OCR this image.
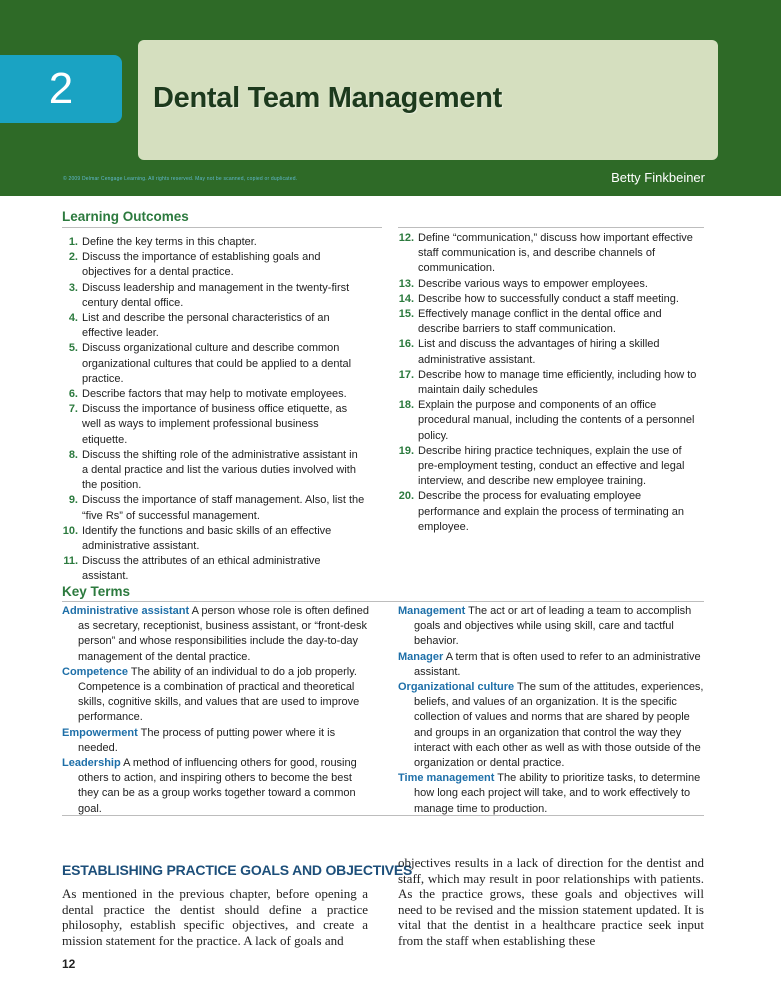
2	Dental Team Management
© 2009 Delmar Cengage Learning. All rights reserved. May not be scanned, copied or duplicated.	Betty Finkbeiner
Learning Outcomes
1. Define the key terms in this chapter.
2. Discuss the importance of establishing goals and objectives for a dental practice.
3. Discuss leadership and management in the twenty-first century dental office.
4. List and describe the personal characteristics of an effective leader.
5. Discuss organizational culture and describe common organizational cultures that could be applied to a dental practice.
6. Describe factors that may help to motivate employees.
7. Discuss the importance of business office etiquette, as well as ways to implement professional business etiquette.
8. Discuss the shifting role of the administrative assistant in a dental practice and list the various duties involved with the position.
9. Discuss the importance of staff management. Also, list the “five Rs” of successful management.
10. Identify the functions and basic skills of an effective administrative assistant.
11. Discuss the attributes of an ethical administrative assistant.
12. Define “communication,” discuss how important effective staff communication is, and describe channels of communication.
13. Describe various ways to empower employees.
14. Describe how to successfully conduct a staff meeting.
15. Effectively manage conflict in the dental office and describe barriers to staff communication.
16. List and discuss the advantages of hiring a skilled administrative assistant.
17. Describe how to manage time efficiently, including how to maintain daily schedules
18. Explain the purpose and components of an office procedural manual, including the contents of a personnel policy.
19. Describe hiring practice techniques, explain the use of pre-employment testing, conduct an effective and legal interview, and describe new employee training.
20. Describe the process for evaluating employee performance and explain the process of terminating an employee.
Key Terms

Administrative assistant A person whose role is often defined as secretary, receptionist, business assistant, or “front-desk person” and whose responsibilities include the day-to-day management of the dental practice.

Competence The ability of an individual to do a job properly. Competence is a combination of practical and theoretical skills, cognitive skills, and values that are used to improve performance.

Empowerment The process of putting power where it is needed.

Leadership A method of influencing others for good, rousing others to action, and inspiring others to become the best they can be as a group works together toward a common goal.

Management The act or art of leading a team to accomplish goals and objectives while using skill, care and tactful behavior.

Manager A term that is often used to refer to an administrative assistant.

Organizational culture The sum of the attitudes, experiences, beliefs, and values of an organization. It is the specific collection of values and norms that are shared by people and groups in an organization that control the way they interact with each other as well as with those outside of the organization or dental practice.

Time management The ability to prioritize tasks, to determine how long each project will take, and to work effectively to manage time to production.

ESTABLISHING PRACTICE GOALS AND OBJECTIVES
As mentioned in the previous chapter, before opening a dental practice the dentist should define a practice philosophy, establish specific objectives, and create a mission statement for the practice. A lack of goals and
objectives results in a lack of direction for the dentist and staff, which may result in poor relationships with patients. As the practice grows, these goals and objectives will need to be revised and the mission statement updated. It is vital that the dentist in a healthcare practice seek input from the staff when establishing these
12
